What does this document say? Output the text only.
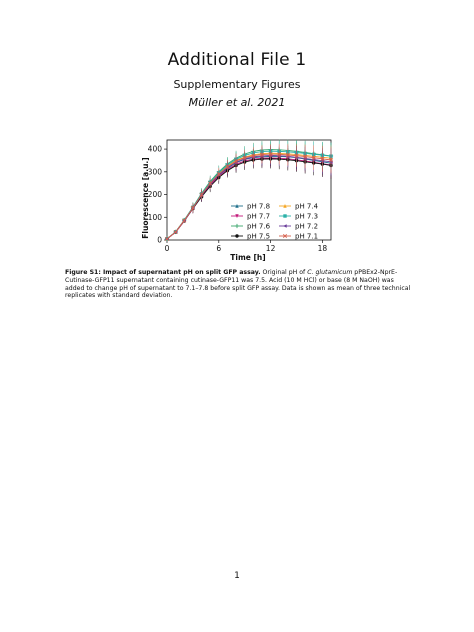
Additional File 1
Supplementary Figures
Müller et al. 2021
0	6	12	18
0
100
200
300
400
pH 7.8
pH 7.7
pH 7.6
pH 7.5
pH 7.4
pH 7.3
pH 7.2
pH 7.1
Time [h]
Fluorescence [a.u.]
Figure S1: Impact of supernatant pH on split GFP assay. Original pH of C. glutamicum pPBEx2-NprE-Cutinase-GFP11 supernatant containing cutinase-GFP11 was 7.5. Acid (10 M HCl) or base (8 M NaOH) was added to change pH of supernatant to 7.1–7.8 before split GFP assay. Data is shown as mean of three technical replicates with standard deviation.
1
